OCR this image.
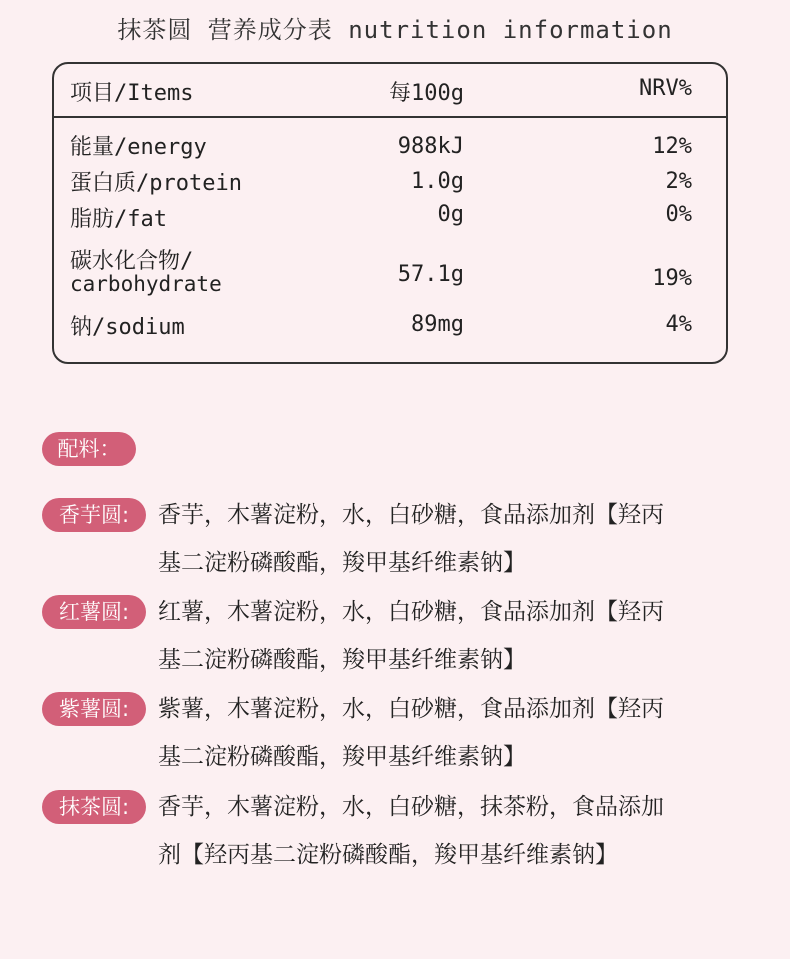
抹茶圆 营养成分表 nutrition information
项目/Items	每100g	NRV%
能量/energy	988kJ	12%
蛋白质/protein	1.0g	2%
脂肪/fat	0g	0%
碳水化合物/
carbohydrate	57.1g	19%
钠/sodium	89mg	4%
配料：
香芋圆:	香芋，木薯淀粉，水，白砂糖，食品添加剂【羟丙
基二淀粉磷酸酯，羧甲基纤维素钠】
红薯圆:	红薯，木薯淀粉，水，白砂糖，食品添加剂【羟丙
基二淀粉磷酸酯，羧甲基纤维素钠】
紫薯圆:	紫薯，木薯淀粉，水，白砂糖，食品添加剂【羟丙
基二淀粉磷酸酯，羧甲基纤维素钠】
抹茶圆:	香芋，木薯淀粉，水，白砂糖，抹茶粉，食品添加
剂【羟丙基二淀粉磷酸酯，羧甲基纤维素钠】
